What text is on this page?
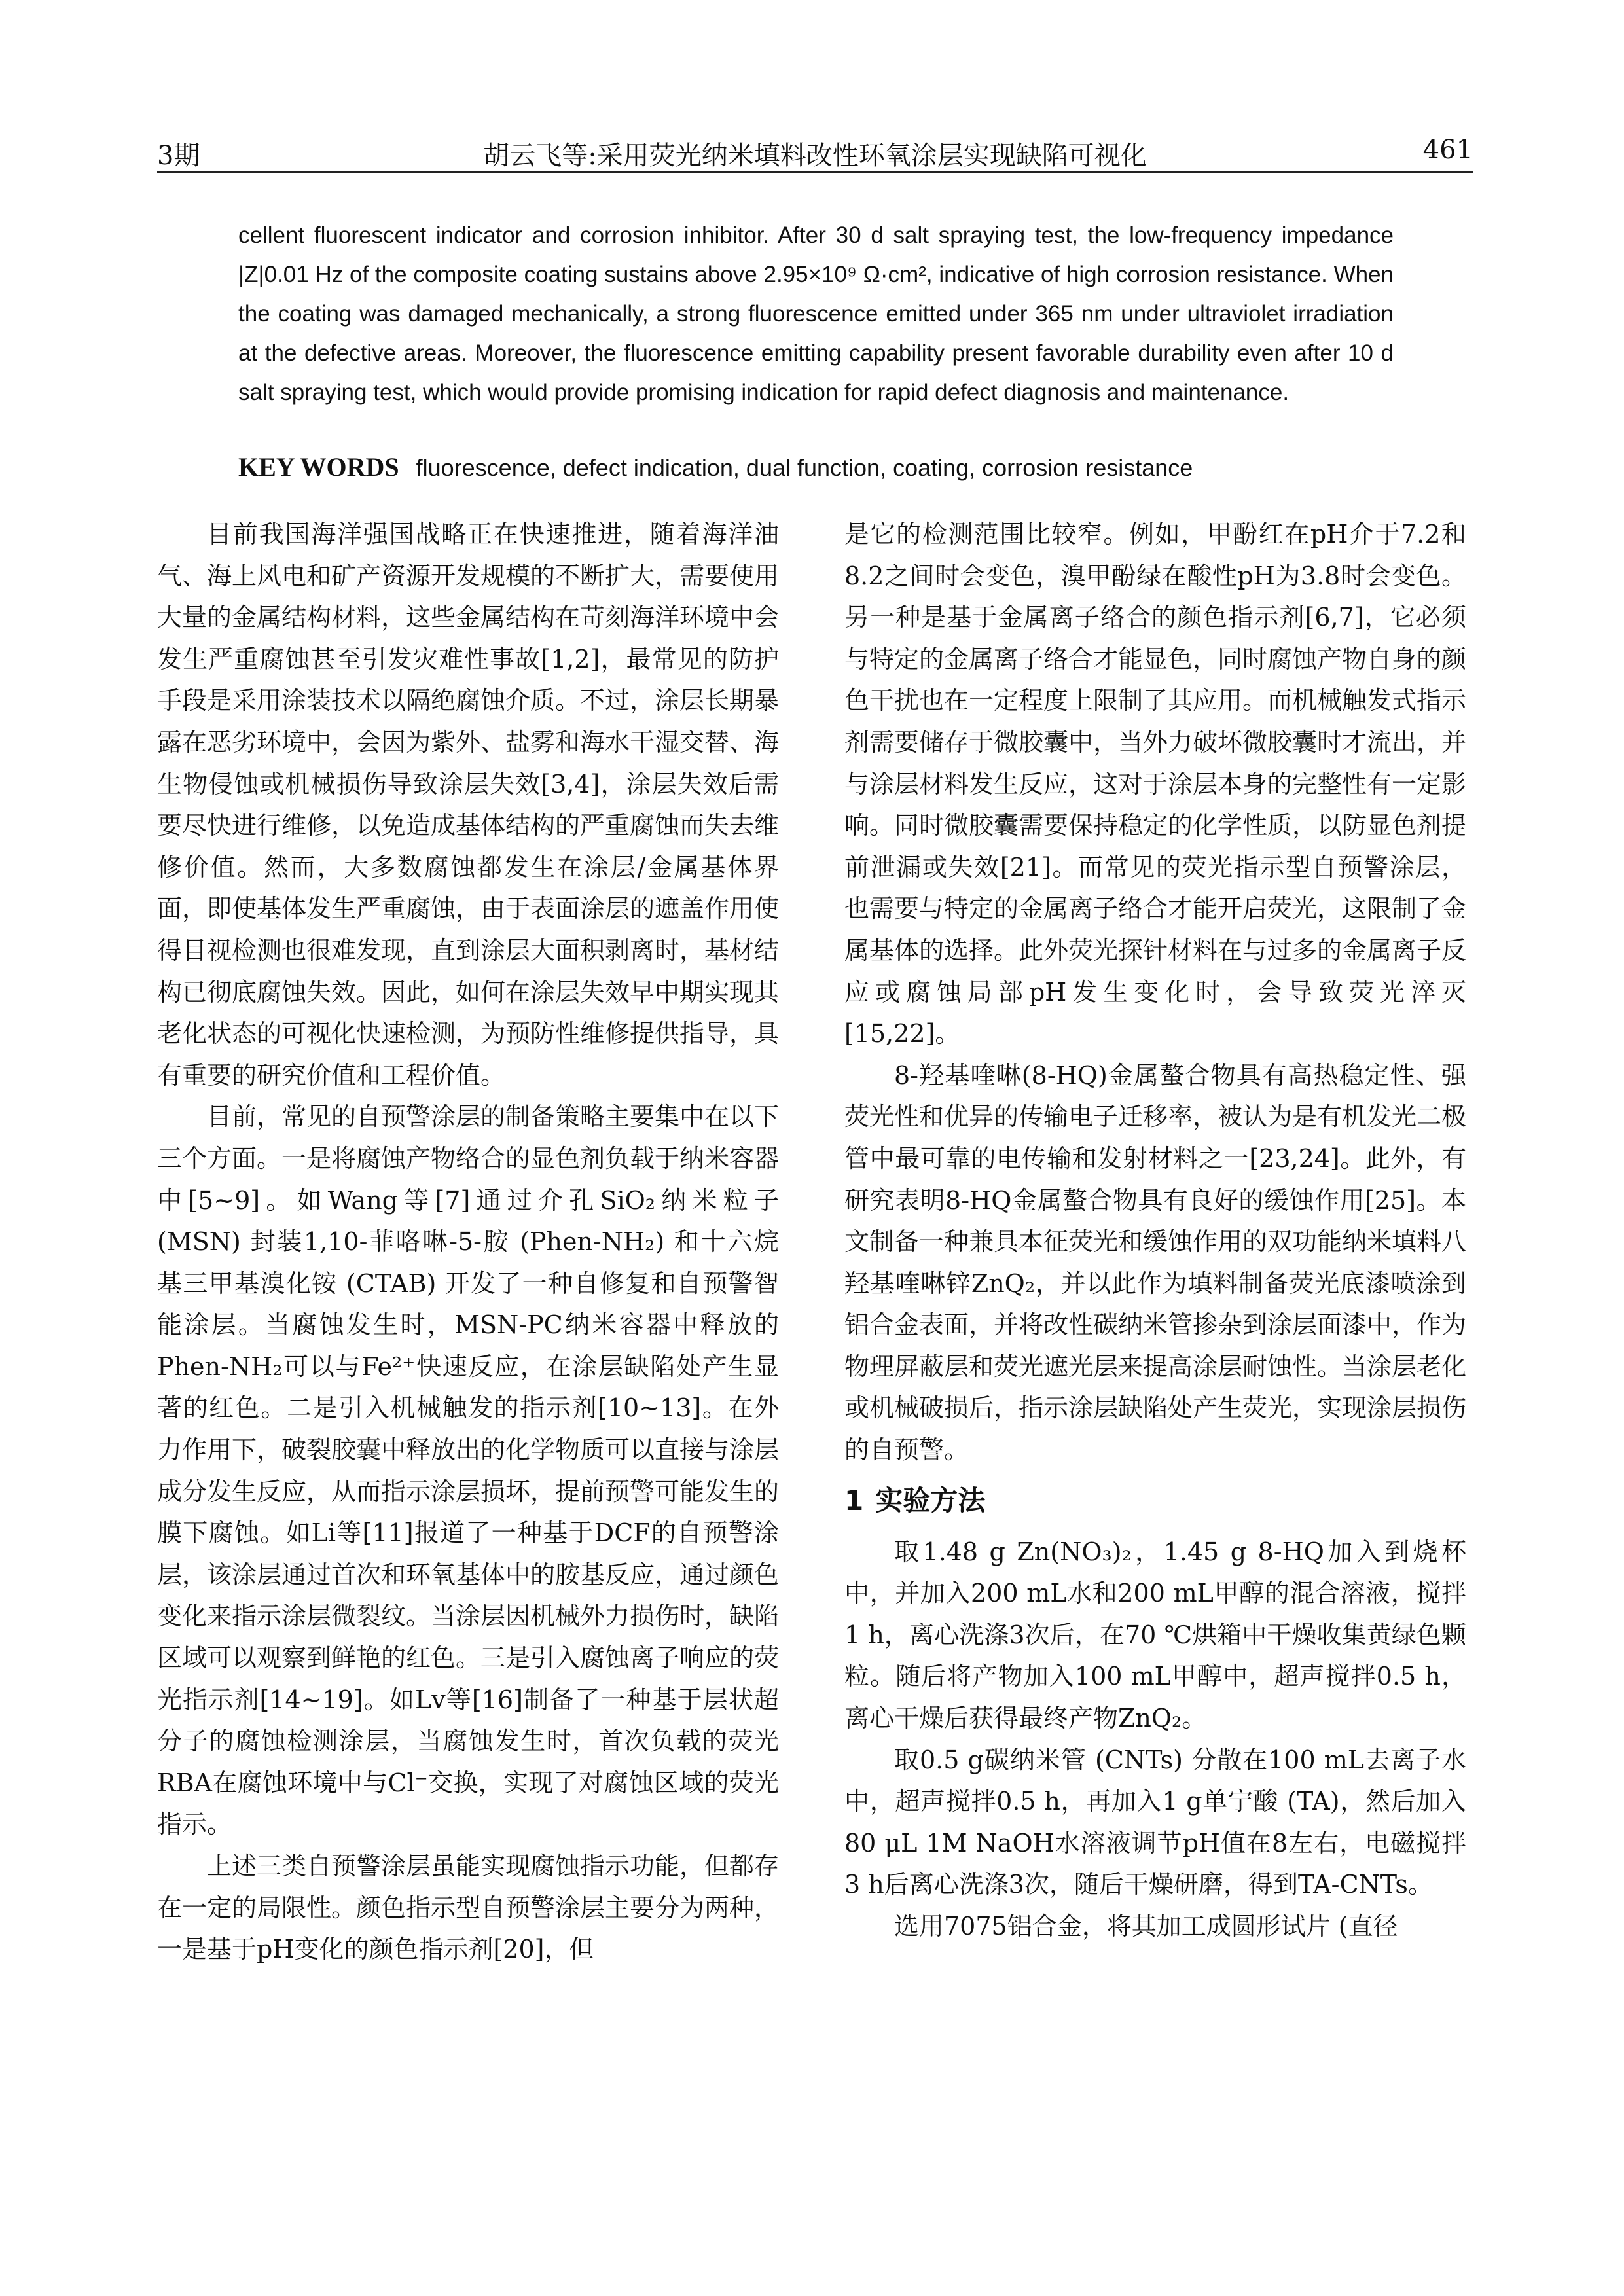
3期	胡云飞等:采用荧光纳米填料改性环氧涂层实现缺陷可视化	461
cellent fluorescent indicator and corrosion inhibitor. After 30 d salt spraying test, the low-frequency impedance |Z|0.01 Hz of the composite coating sustains above 2.95×10⁹ Ω·cm², indicative of high corrosion resistance. When the coating was damaged mechanically, a strong fluorescence emitted under 365 nm under ultraviolet irradiation at the defective areas. Moreover, the fluorescence emitting capability present favorable durability even after 10 d salt spraying test, which would provide promising indication for rapid defect diagnosis and maintenance.
KEY WORDS fluorescence, defect indication, dual function, coating, corrosion resistance

目前我国海洋强国战略正在快速推进，随着海洋油气、海上风电和矿产资源开发规模的不断扩大，需要使用大量的金属结构材料，这些金属结构在苛刻海洋环境中会发生严重腐蚀甚至引发灾难性事故[1,2]，最常见的防护手段是采用涂装技术以隔绝腐蚀介质。不过，涂层长期暴露在恶劣环境中，会因为紫外、盐雾和海水干湿交替、海生物侵蚀或机械损伤导致涂层失效[3,4]，涂层失效后需要尽快进行维修，以免造成基体结构的严重腐蚀而失去维修价值。然而，大多数腐蚀都发生在涂层/金属基体界面，即使基体发生严重腐蚀，由于表面涂层的遮盖作用使得目视检测也很难发现，直到涂层大面积剥离时，基材结构已彻底腐蚀失效。因此，如何在涂层失效早中期实现其老化状态的可视化快速检测，为预防性维修提供指导，具有重要的研究价值和工程价值。

目前，常见的自预警涂层的制备策略主要集中在以下三个方面。一是将腐蚀产物络合的显色剂负载于纳米容器中[5~9]。如Wang等[7]通过介孔SiO₂纳米粒子 (MSN) 封装1,10-菲咯啉-5-胺 (Phen-NH₂) 和十六烷基三甲基溴化铵 (CTAB) 开发了一种自修复和自预警智能涂层。当腐蚀发生时，MSN-PC纳米容器中释放的Phen-NH₂可以与Fe²⁺快速反应，在涂层缺陷处产生显著的红色。二是引入机械触发的指示剂[10~13]。在外力作用下，破裂胶囊中释放出的化学物质可以直接与涂层成分发生反应，从而指示涂层损坏，提前预警可能发生的膜下腐蚀。如Li等[11]报道了一种基于DCF的自预警涂层，该涂层通过首次和环氧基体中的胺基反应，通过颜色变化来指示涂层微裂纹。当涂层因机械外力损伤时，缺陷区域可以观察到鲜艳的红色。三是引入腐蚀离子响应的荧光指示剂[14~19]。如Lv等[16]制备了一种基于层状超分子的腐蚀检测涂层，当腐蚀发生时，首次负载的荧光RBA在腐蚀环境中与Cl⁻交换，实现了对腐蚀区域的荧光指示。

上述三类自预警涂层虽能实现腐蚀指示功能，但都存在一定的局限性。颜色指示型自预警涂层主要分为两种，一是基于pH变化的颜色指示剂[20]，但

是它的检测范围比较窄。例如，甲酚红在pH介于7.2和8.2之间时会变色，溴甲酚绿在酸性pH为3.8时会变色。另一种是基于金属离子络合的颜色指示剂[6,7]，它必须与特定的金属离子络合才能显色，同时腐蚀产物自身的颜色干扰也在一定程度上限制了其应用。而机械触发式指示剂需要储存于微胶囊中，当外力破坏微胶囊时才流出，并与涂层材料发生反应，这对于涂层本身的完整性有一定影响。同时微胶囊需要保持稳定的化学性质，以防显色剂提前泄漏或失效[21]。而常见的荧光指示型自预警涂层，也需要与特定的金属离子络合才能开启荧光，这限制了金属基体的选择。此外荧光探针材料在与过多的金属离子反应或腐蚀局部pH发生变化时，会导致荧光淬灭[15,22]。

8-羟基喹啉(8-HQ)金属螯合物具有高热稳定性、强荧光性和优异的传输电子迁移率，被认为是有机发光二极管中最可靠的电传输和发射材料之一[23,24]。此外，有研究表明8-HQ金属螯合物具有良好的缓蚀作用[25]。本文制备一种兼具本征荧光和缓蚀作用的双功能纳米填料八羟基喹啉锌ZnQ₂，并以此作为填料制备荧光底漆喷涂到铝合金表面，并将改性碳纳米管掺杂到涂层面漆中，作为物理屏蔽层和荧光遮光层来提高涂层耐蚀性。当涂层老化或机械破损后，指示涂层缺陷处产生荧光，实现涂层损伤的自预警。

1 实验方法

取1.48 g Zn(NO₃)₂，1.45 g 8-HQ加入到烧杯中，并加入200 mL水和200 mL甲醇的混合溶液，搅拌1 h，离心洗涤3次后，在70 ℃烘箱中干燥收集黄绿色颗粒。随后将产物加入100 mL甲醇中，超声搅拌0.5 h，离心干燥后获得最终产物ZnQ₂。

取0.5 g碳纳米管 (CNTs) 分散在100 mL去离子水中，超声搅拌0.5 h，再加入1 g单宁酸 (TA)，然后加入80 μL 1M NaOH水溶液调节pH值在8左右，电磁搅拌3 h后离心洗涤3次，随后干燥研磨，得到TA-CNTs。

选用7075铝合金，将其加工成圆形试片 (直径
